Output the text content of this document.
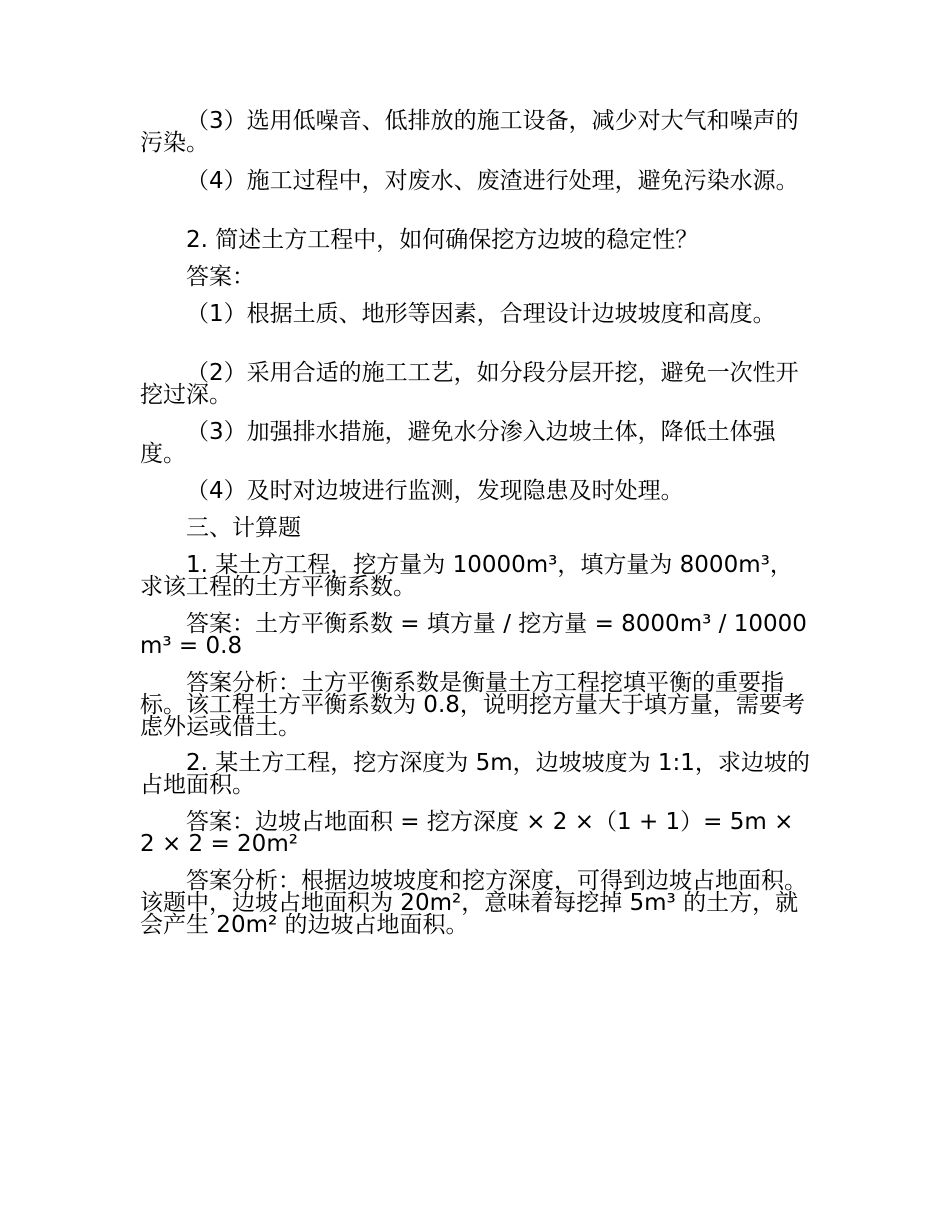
（3）选用低噪音、低排放的施工设备，减少对大气和噪声的污染。

（4）施工过程中，对废水、废渣进行处理，避免污染水源。

2. 简述土方工程中，如何确保挖方边坡的稳定性？

答案：

（1）根据土质、地形等因素，合理设计边坡坡度和高度。

（2）采用合适的施工工艺，如分段分层开挖，避免一次性开挖过深。

（3）加强排水措施，避免水分渗入边坡土体，降低土体强度。

（4）及时对边坡进行监测，发现隐患及时处理。

三、计算题

1. 某土方工程，挖方量为 10000m³，填方量为 8000m³，求该工程的土方平衡系数。

答案：土方平衡系数 = 填方量 / 挖方量 = 8000m³ / 10000m³ = 0.8

答案分析：土方平衡系数是衡量土方工程挖填平衡的重要指标。该工程土方平衡系数为 0.8，说明挖方量大于填方量，需要考虑外运或借土。

2. 某土方工程，挖方深度为 5m，边坡坡度为 1:1，求边坡的占地面积。

答案：边坡占地面积 = 挖方深度 × 2 ×（1 + 1）= 5m × 2 × 2 = 20m²

答案分析：根据边坡坡度和挖方深度，可得到边坡占地面积。该题中，边坡占地面积为 20m²，意味着每挖掉 5m³ 的土方，就会产生 20m² 的边坡占地面积。
